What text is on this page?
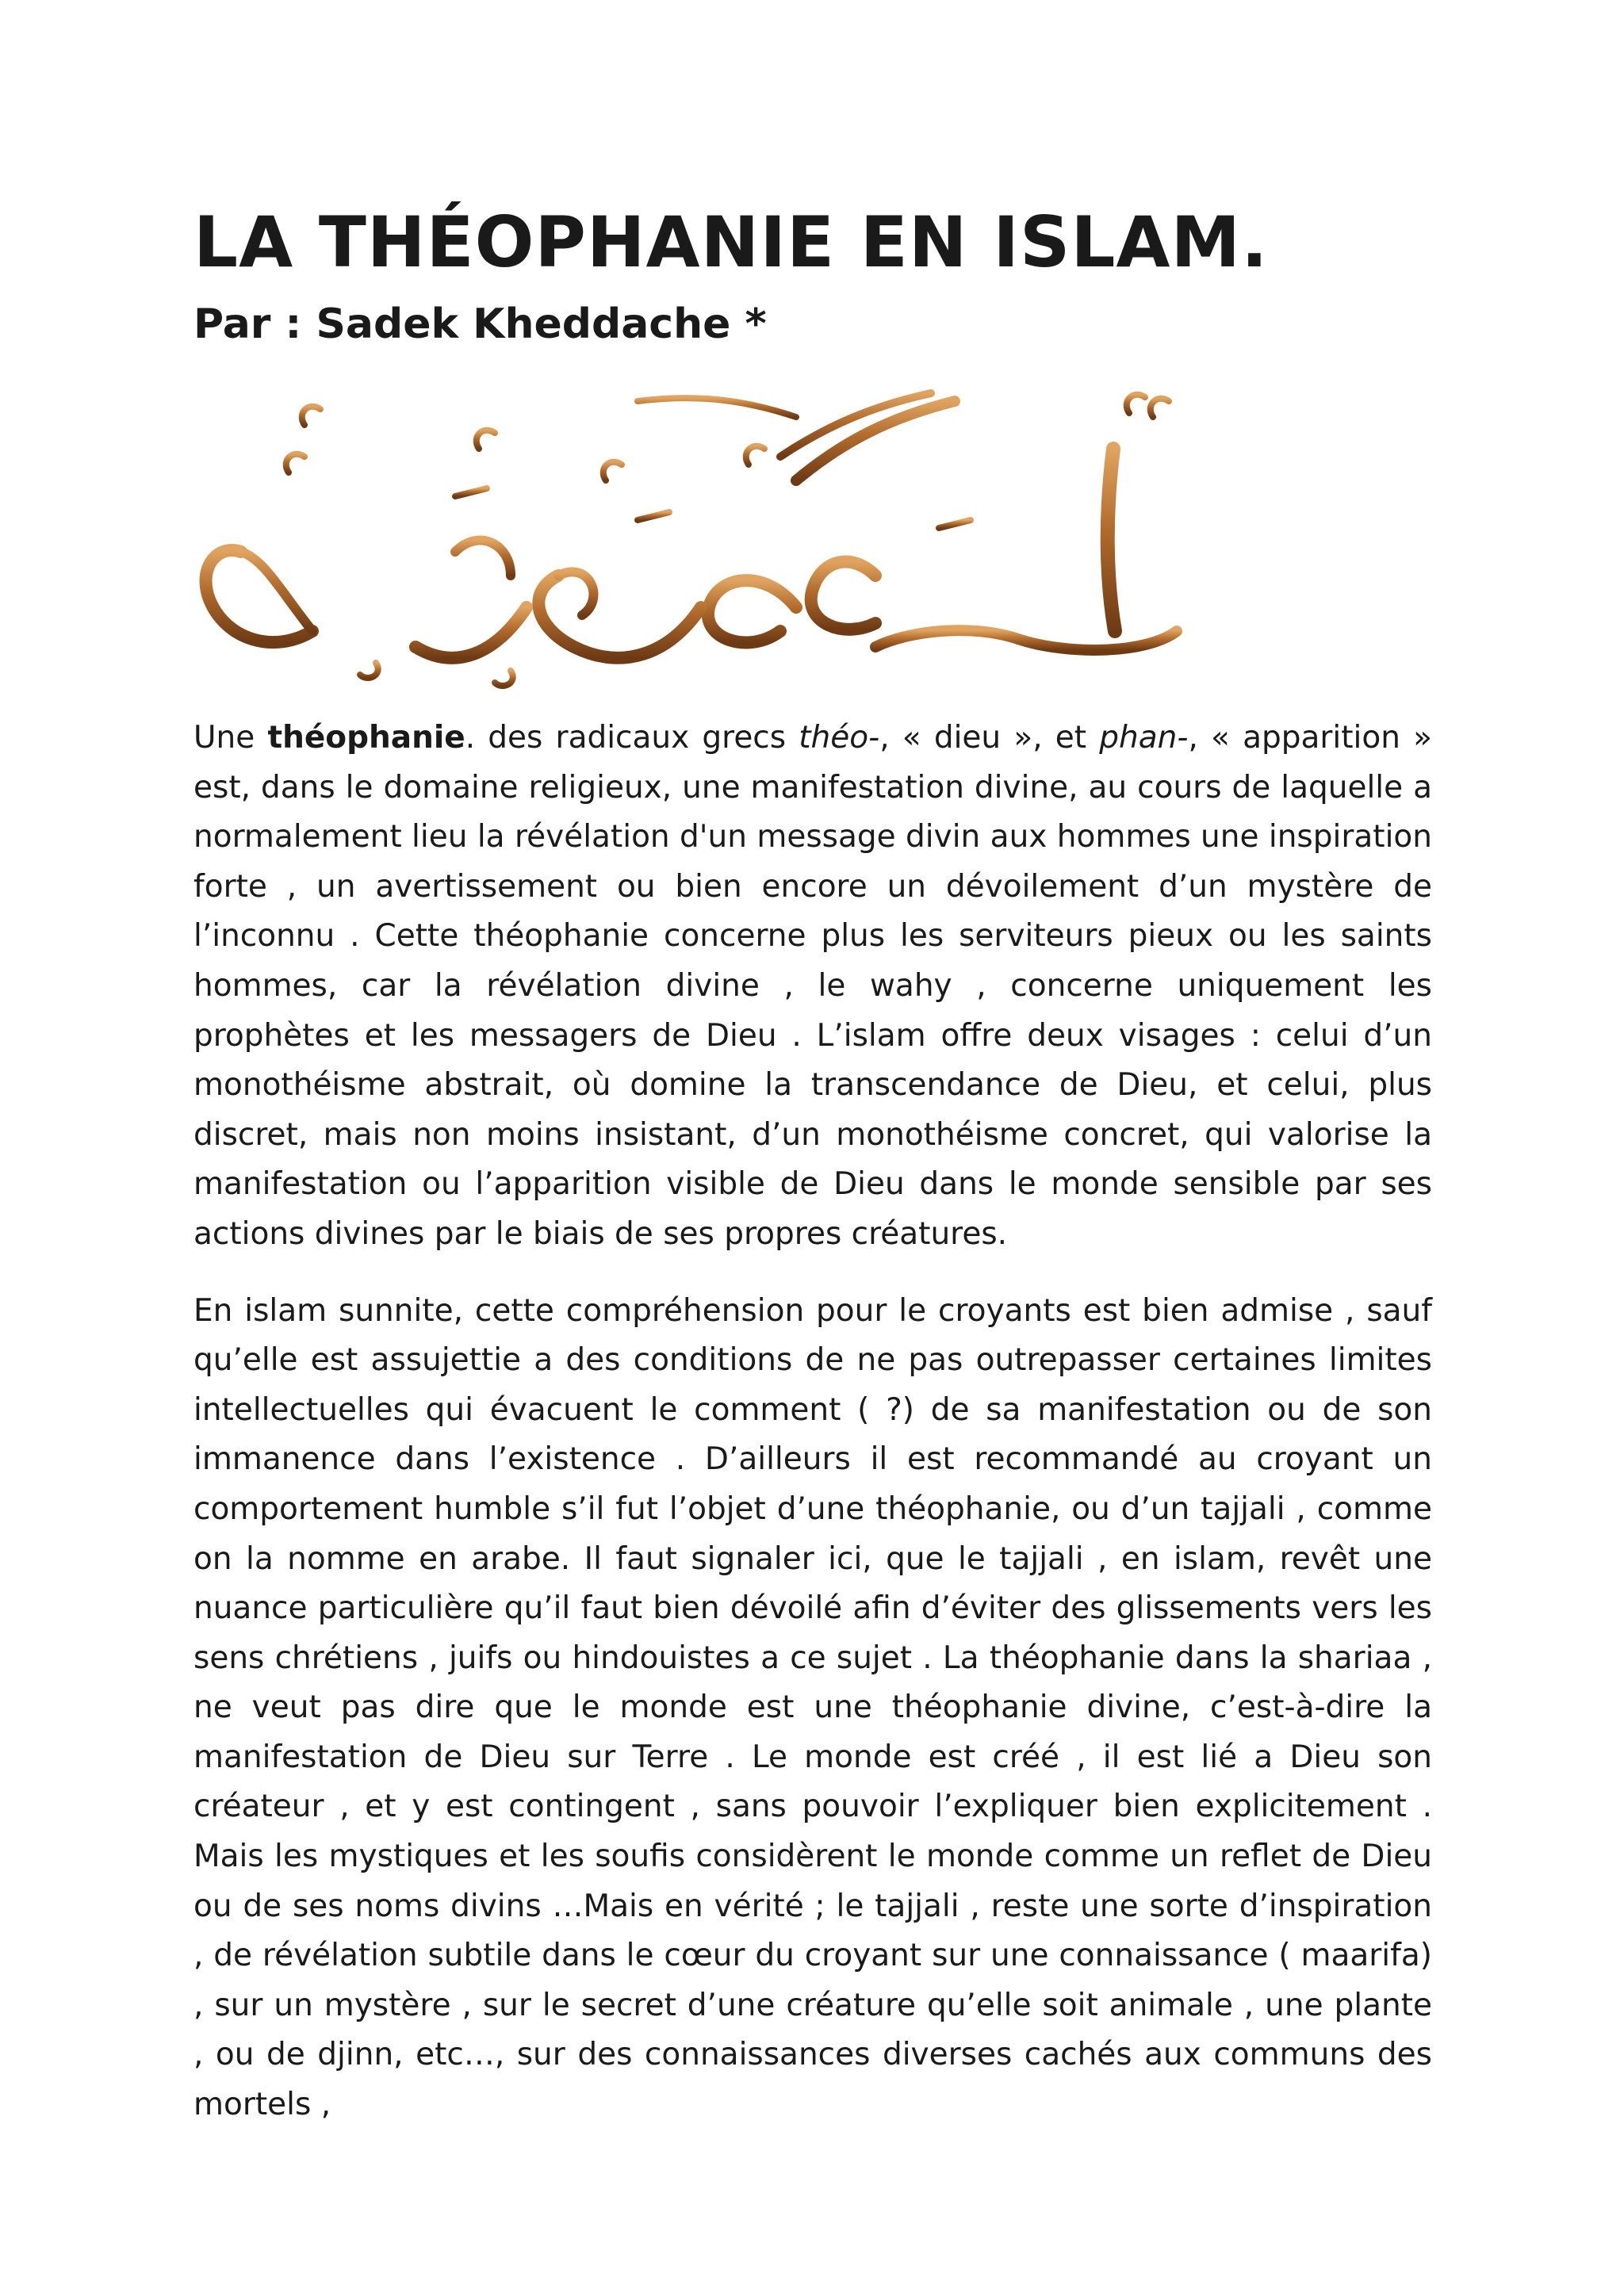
LA THÉOPHANIE EN ISLAM.
Par : Sadek Kheddache *

Une théophanie. des radicaux grecs théo-, « dieu », et phan-, « apparition » est, dans le domaine religieux, une manifestation divine, au cours de laquelle a normalement lieu la révélation d'un message divin aux hommes une inspiration forte , un avertissement ou bien encore un dévoilement d’un mystère de l’inconnu . Cette théophanie concerne plus les serviteurs pieux ou les saints hommes, car la révélation divine , le wahy , concerne uniquement les prophètes et les messagers de Dieu . L’islam offre deux visages : celui d’un monothéisme abstrait, où domine la transcendance de Dieu, et celui, plus discret, mais non moins insistant, d’un monothéisme concret, qui valorise la manifestation ou l’apparition visible de Dieu dans le monde sensible par ses actions divines par le biais de ses propres créatures.

En islam sunnite, cette compréhension pour le croyants est bien admise , sauf qu’elle est assujettie a des conditions de ne pas outrepasser certaines limites intellectuelles qui évacuent le comment ( ?) de sa manifestation ou de son immanence dans l’existence . D’ailleurs il est recommandé au croyant un comportement humble s’il fut l’objet d’une théophanie, ou d’un tajjali , comme on la nomme en arabe. Il faut signaler ici, que le tajjali , en islam, revêt une nuance particulière qu’il faut bien dévoilé afin d’éviter des glissements vers les sens chrétiens , juifs ou hindouistes a ce sujet . La théophanie dans la shariaa , ne veut pas dire que le monde est une théophanie divine, c’est-à-dire la manifestation de Dieu sur Terre . Le monde est créé , il est lié a Dieu son créateur , et y est contingent , sans pouvoir l’expliquer bien explicitement . Mais les mystiques et les soufis considèrent le monde comme un reflet de Dieu ou de ses noms divins …Mais en vérité ; le tajjali , reste une sorte d’inspiration , de révélation subtile dans le cœur du croyant sur une connaissance ( maarifa) , sur un mystère , sur le secret d’une créature qu’elle soit animale , une plante , ou de djinn, etc…, sur des connaissances diverses cachés aux communs des mortels ,
